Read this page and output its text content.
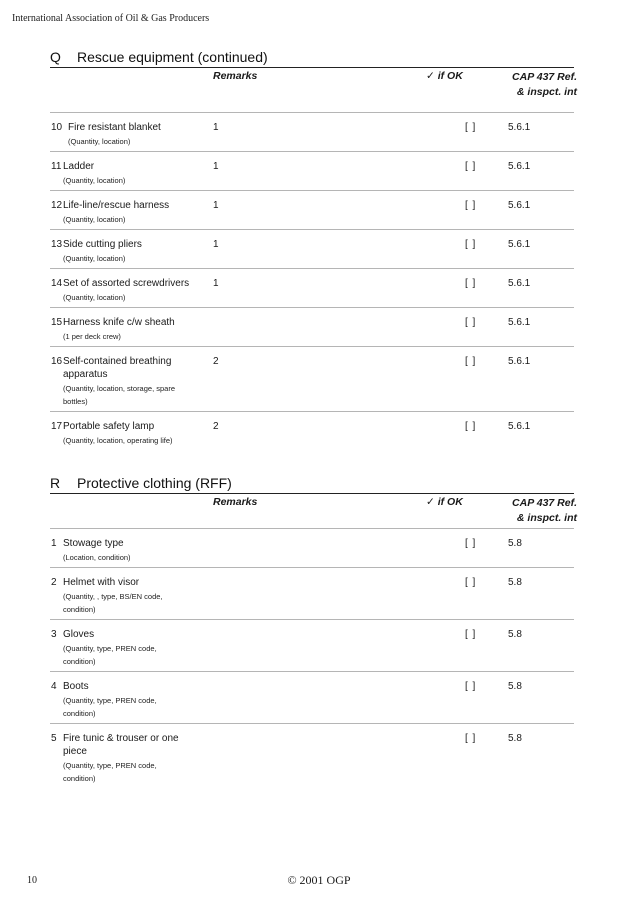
International Association of Oil & Gas Producers
Q	Rescue equipment (continued)
Remarks	✓ if OK	CAP 437 Ref.
& inspct. int
10 Fire resistant blanket
(Quantity, location)
1	[ ]	5.6.1
11 Ladder
(Quantity, location)
1	[ ]	5.6.1
12 Life-line/rescue harness
(Quantity, location)
1	[ ]	5.6.1
13 Side cutting pliers
(Quantity, location)
1	[ ]	5.6.1
14 Set of assorted screwdrivers
(Quantity, location)
1	[ ]	5.6.1
15 Harness knife c/w sheath
(1 per deck crew)
[ ]	5.6.1
16 Self-contained breathing apparatus
(Quantity, location, storage, spare bottles)
2	[ ]	5.6.1
17 Portable safety lamp
(Quantity, location, operating life)
2	[ ]	5.6.1
R	Protective clothing (RFF)
Remarks	✓ if OK	CAP 437 Ref.
& inspct. int
1 Stowage type
(Location, condition)
[ ]	5.8
2 Helmet with visor
(Quantity, , type, BS/EN code, condition)
[ ]	5.8
3 Gloves
(Quantity, type, PREN code, condition)
[ ]	5.8
4 Boots
(Quantity, type, PREN code, condition)
[ ]	5.8
5 Fire tunic & trouser or one piece
(Quantity, type, PREN code, condition)
[ ]	5.8
10	© 2001 OGP
